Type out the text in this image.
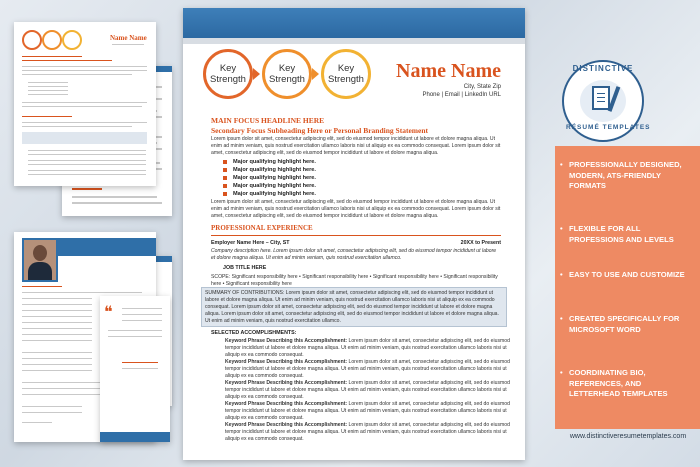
Name Name
❝
Key Strength
Key Strength
Key Strength Name Name
City, State Zip
Phone | Email | LinkedIn URL
MAIN FOCUS HEADLINE HERE
Secondary Focus Subheading Here or Personal Branding Statement
Lorem ipsum dolor sit amet, consectetur adipiscing elit, sed do eiusmod tempor incididunt ut labore et dolore magna aliqua. Ut enim ad minim veniam, quis nostrud exercitation ullamco laboris nisi ut aliquip ex ea commodo consequat. Lorem ipsum dolor sit amet, consectetur adipiscing elit, sed do eiusmod tempor incididunt ut labore et dolore magna aliqua.
Major qualifying highlight here.
Major qualifying highlight here.
Major qualifying highlight here.
Major qualifying highlight here.
Major qualifying highlight here.
Lorem ipsum dolor sit amet, consectetur adipiscing elit, sed do eiusmod tempor incididunt ut labore et dolore magna aliqua. Ut enim ad minim veniam, quis nostrud exercitation ullamco laboris nisi ut aliquip ex ea commodo consequat. Lorem ipsum dolor sit amet, consectetur adipiscing elit, sed do eiusmod tempor incididunt ut labore et dolore magna aliqua.
PROFESSIONAL EXPERIENCE
Employer Name Here – City, ST	20XX to Present
Company description here. Lorem ipsum dolor sit amet, consectetur adipiscing elit, sed do eiusmod tempor incididunt ut labore et dolore magna aliqua. Ut enim ad minim veniam, quis nostrud exercitation ullamco.
JOB TITLE HERE
SCOPE: Significant responsibility here • Significant responsibility here • Significant responsibility here • Significant responsibility here • Significant responsibility here
SUMMARY OF CONTRIBUTIONS: Lorem ipsum dolor sit amet, consectetur adipiscing elit, sed do eiusmod tempor incididunt ut labore et dolore magna aliqua. Ut enim ad minim veniam, quis nostrud exercitation ullamco laboris nisi ut aliquip ex ea commodo consequat. Lorem ipsum dolor sit amet, consectetur adipiscing elit, sed do eiusmod tempor incididunt ut labore et dolore magna aliqua. Lorem ipsum dolor sit amet, consectetur adipiscing elit, sed do eiusmod tempor incididunt ut labore et dolore magna aliqua. Ut enim ad minim veniam, quis nostrud exercitation ullamco.
SELECTED ACCOMPLISHMENTS:
Keyword Phrase Describing this Accomplishment: Lorem ipsum dolor sit amet, consectetur adipiscing elit, sed do eiusmod tempor incididunt ut labore et dolore magna aliqua. Ut enim ad minim veniam, quis nostrud exercitation ullamco laboris nisi ut aliquip ex ea commodo consequat.
Keyword Phrase Describing this Accomplishment: Lorem ipsum dolor sit amet, consectetur adipiscing elit, sed do eiusmod tempor incididunt ut labore et dolore magna aliqua. Ut enim ad minim veniam, quis nostrud exercitation ullamco laboris nisi ut aliquip ex ea commodo consequat.
Keyword Phrase Describing this Accomplishment: Lorem ipsum dolor sit amet, consectetur adipiscing elit, sed do eiusmod tempor incididunt ut labore et dolore magna aliqua. Ut enim ad minim veniam, quis nostrud exercitation ullamco laboris nisi ut aliquip ex ea commodo consequat.
Keyword Phrase Describing this Accomplishment: Lorem ipsum dolor sit amet, consectetur adipiscing elit, sed do eiusmod tempor incididunt ut labore et dolore magna aliqua. Ut enim ad minim veniam, quis nostrud exercitation ullamco laboris nisi ut aliquip ex ea commodo consequat.
Keyword Phrase Describing this Accomplishment: Lorem ipsum dolor sit amet, consectetur adipiscing elit, sed do eiusmod tempor incididunt ut labore et dolore magna aliqua. Ut enim ad minim veniam, quis nostrud exercitation ullamco laboris nisi ut aliquip ex ea commodo consequat.
DISTINCTIVE
RÉSUMÉ TEMPLATES
• PROFESSIONALLY DESIGNED, MODERN, ATS-FRIENDLY FORMATS
• FLEXIBLE FOR ALL PROFESSIONS AND LEVELS
• EASY TO USE AND CUSTOMIZE
• CREATED SPECIFICALLY FOR MICROSOFT WORD
• COORDINATING BIO, REFERENCES, AND LETTERHEAD TEMPLATES
www.distinctiveresumetemplates.com
